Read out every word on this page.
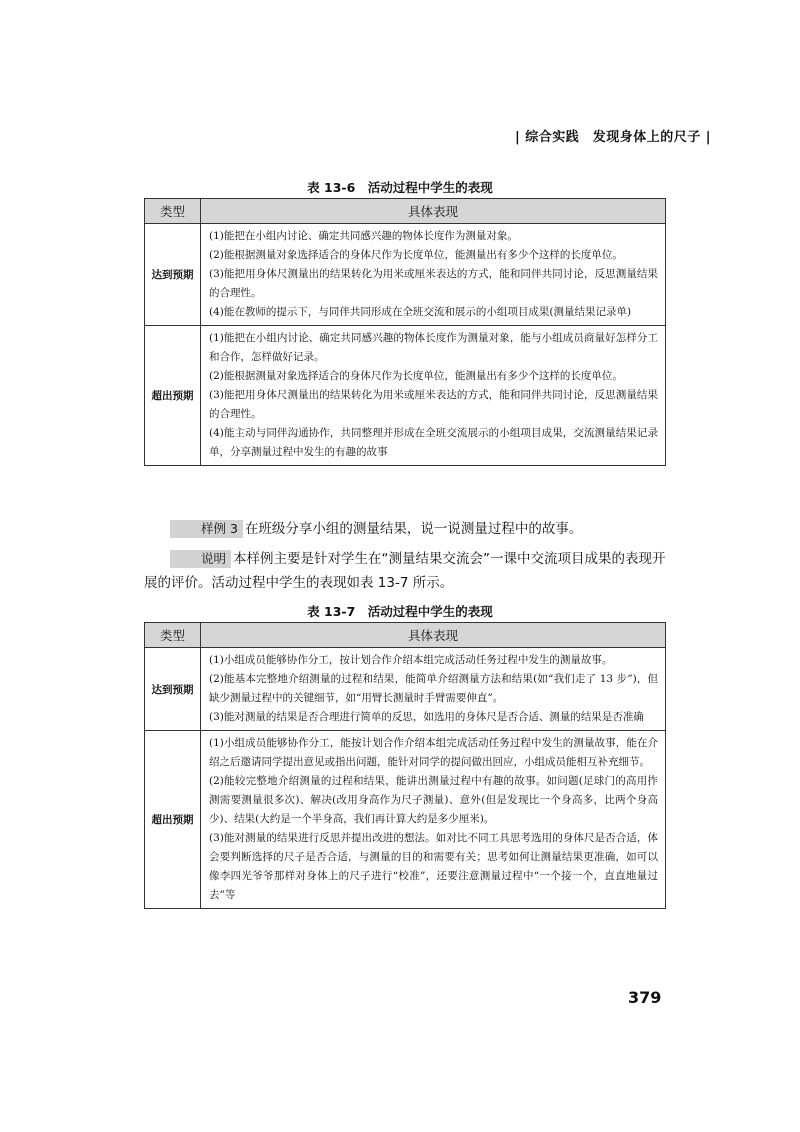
| 综合实践　发现身体上的尺子 |
表 13-6　活动过程中学生的表现
类型	具体表现
达到预期	(1)能把在小组内讨论、确定共同感兴趣的物体长度作为测量对象。

(2)能根据测量对象选择适合的身体尺作为长度单位，能测量出有多少个这样的长度单位。

(3)能把用身体尺测量出的结果转化为用米或厘米表达的方式，能和同伴共同讨论，反思测量结果的合理性。

(4)能在教师的提示下，与同伴共同形成在全班交流和展示的小组项目成果(测量结果记录单)

超出预期	(1)能把在小组内讨论、确定共同感兴趣的物体长度作为测量对象，能与小组成员商量好怎样分工和合作，怎样做好记录。

(2)能根据测量对象选择适合的身体尺作为长度单位，能测量出有多少个这样的长度单位。

(3)能把用身体尺测量出的结果转化为用米或厘米表达的方式，能和同伴共同讨论，反思测量结果的合理性。

(4)能主动与同伴沟通协作，共同整理并形成在全班交流展示的小组项目成果，交流测量结果记录单，分享测量过程中发生的有趣的故事

样例 3 在班级分享小组的测量结果，说一说测量过程中的故事。
说明 本样例主要是针对学生在“测量结果交流会”一课中交流项目成果的表现开展的评价。活动过程中学生的表现如表 13-7 所示。
表 13-7　活动过程中学生的表现
类型	具体表现
达到预期	(1)小组成员能够协作分工，按计划合作介绍本组完成活动任务过程中发生的测量故事。

(2)能基本完整地介绍测量的过程和结果，能简单介绍测量方法和结果(如“我们走了 13 步”)，但缺少测量过程中的关键细节，如“用臂长测量时手臂需要伸直”。

(3)能对测量的结果是否合理进行简单的反思，如选用的身体尺是否合适、测量的结果是否准确

超出预期	(1)小组成员能够协作分工，能按计划合作介绍本组完成活动任务过程中发生的测量故事，能在介绍之后邀请同学提出意见或指出问题，能针对同学的提问做出回应，小组成员能相互补充细节。

(2)能较完整地介绍测量的过程和结果，能讲出测量过程中有趣的故事。如问题(足球门的高用拃测需要测量很多次)、解决(改用身高作为尺子测量)、意外(但是发现比一个身高多，比两个身高少)、结果(大约是一个半身高，我们再计算大约是多少厘米)。

(3)能对测量的结果进行反思并提出改进的想法。如对比不同工具思考选用的身体尺是否合适，体会要判断选择的尺子是否合适，与测量的目的和需要有关；思考如何让测量结果更准确，如可以像李四光爷爷那样对身体上的尺子进行“校准”，还要注意测量过程中“一个接一个，直直地量过去”等

379
